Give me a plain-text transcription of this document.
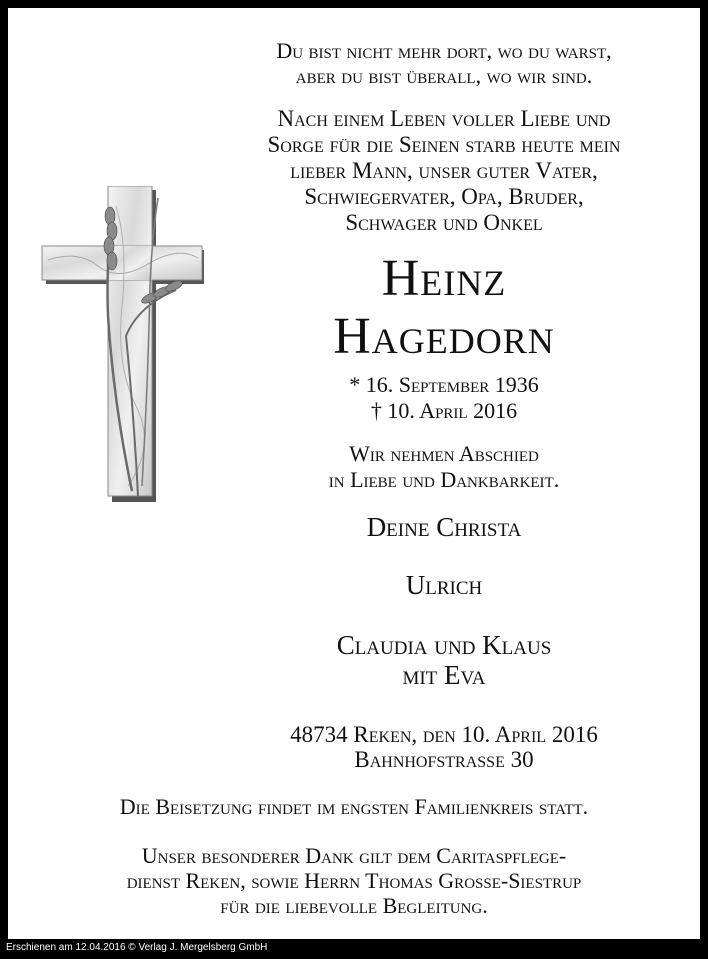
Du bist nicht mehr dort, wo du warst,
aber du bist überall, wo wir sind.
Nach einem Leben voller Liebe und
Sorge für die Seinen starb heute mein
lieber Mann, unser guter Vater,
Schwiegervater, Opa, Bruder,
Schwager und Onkel
Heinz
Hagedorn
* 16. September 1936
† 10. April 2016
Wir nehmen Abschied
in Liebe und Dankbarkeit.
Deine Christa
Ulrich
Claudia und Klaus
mit Eva
48734 Reken, den 10. April 2016
Bahnhofstrasse 30
Die Beisetzung findet im engsten Familienkreis statt.
Unser besonderer Dank gilt dem Caritaspflege-
dienst Reken, sowie Herrn Thomas Grosse-Siestrup
für die liebevolle Begleitung.
Erschienen am 12.04.2016 © Verlag J. Mergelsberg GmbH
